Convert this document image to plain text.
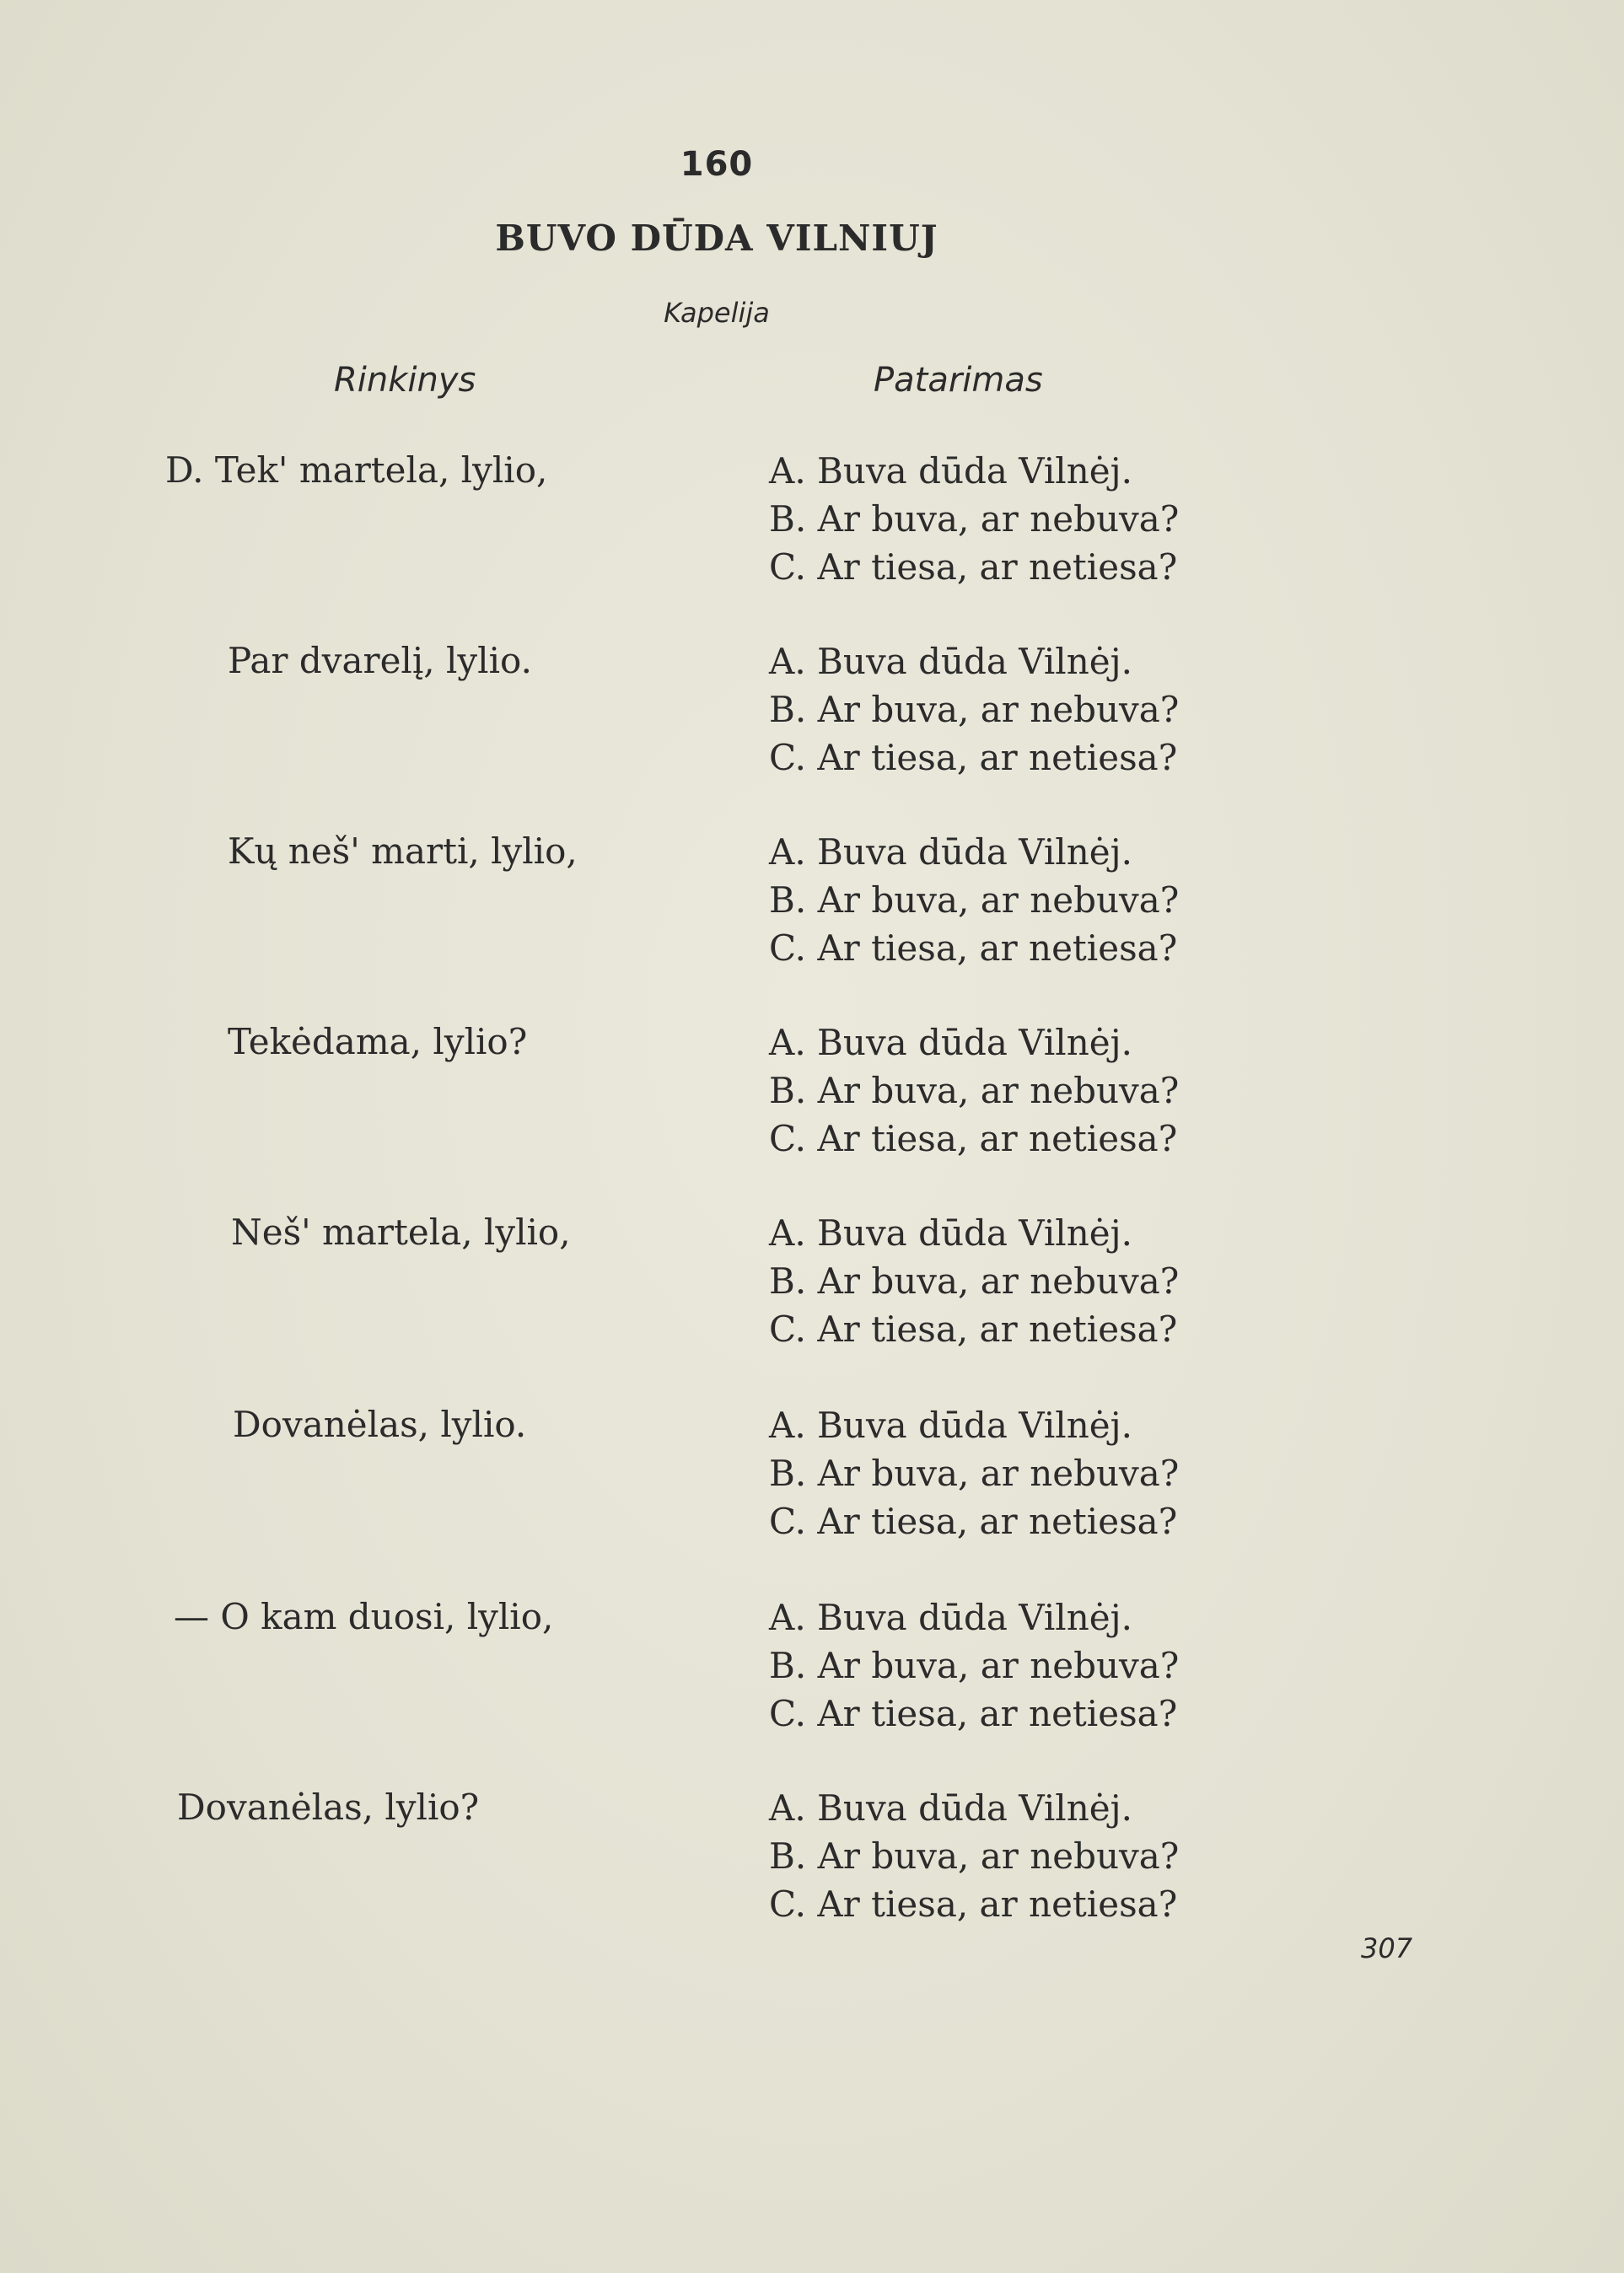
160
BUVO DŪDA VILNIUJ
Kapelija
Rinkinys	Patarimas
D. Tek' martela, lylio,	A. Buva dūda Vilnėj.
B. Ar buva, ar nebuva?
C. Ar tiesa, ar netiesa?
Par dvarelį, lylio.	A. Buva dūda Vilnėj.
B. Ar buva, ar nebuva?
C. Ar tiesa, ar netiesa?
Kų neš' marti, lylio,	A. Buva dūda Vilnėj.
B. Ar buva, ar nebuva?
C. Ar tiesa, ar netiesa?
Tekėdama, lylio?	A. Buva dūda Vilnėj.
B. Ar buva, ar nebuva?
C. Ar tiesa, ar netiesa?
Neš' martela, lylio,	A. Buva dūda Vilnėj.
B. Ar buva, ar nebuva?
C. Ar tiesa, ar netiesa?
Dovanėlas, lylio.	A. Buva dūda Vilnėj.
B. Ar buva, ar nebuva?
C. Ar tiesa, ar netiesa?
— O kam duosi, lylio,	A. Buva dūda Vilnėj.
B. Ar buva, ar nebuva?
C. Ar tiesa, ar netiesa?
Dovanėlas, lylio?	A. Buva dūda Vilnėj.
B. Ar buva, ar nebuva?
C. Ar tiesa, ar netiesa?
307
